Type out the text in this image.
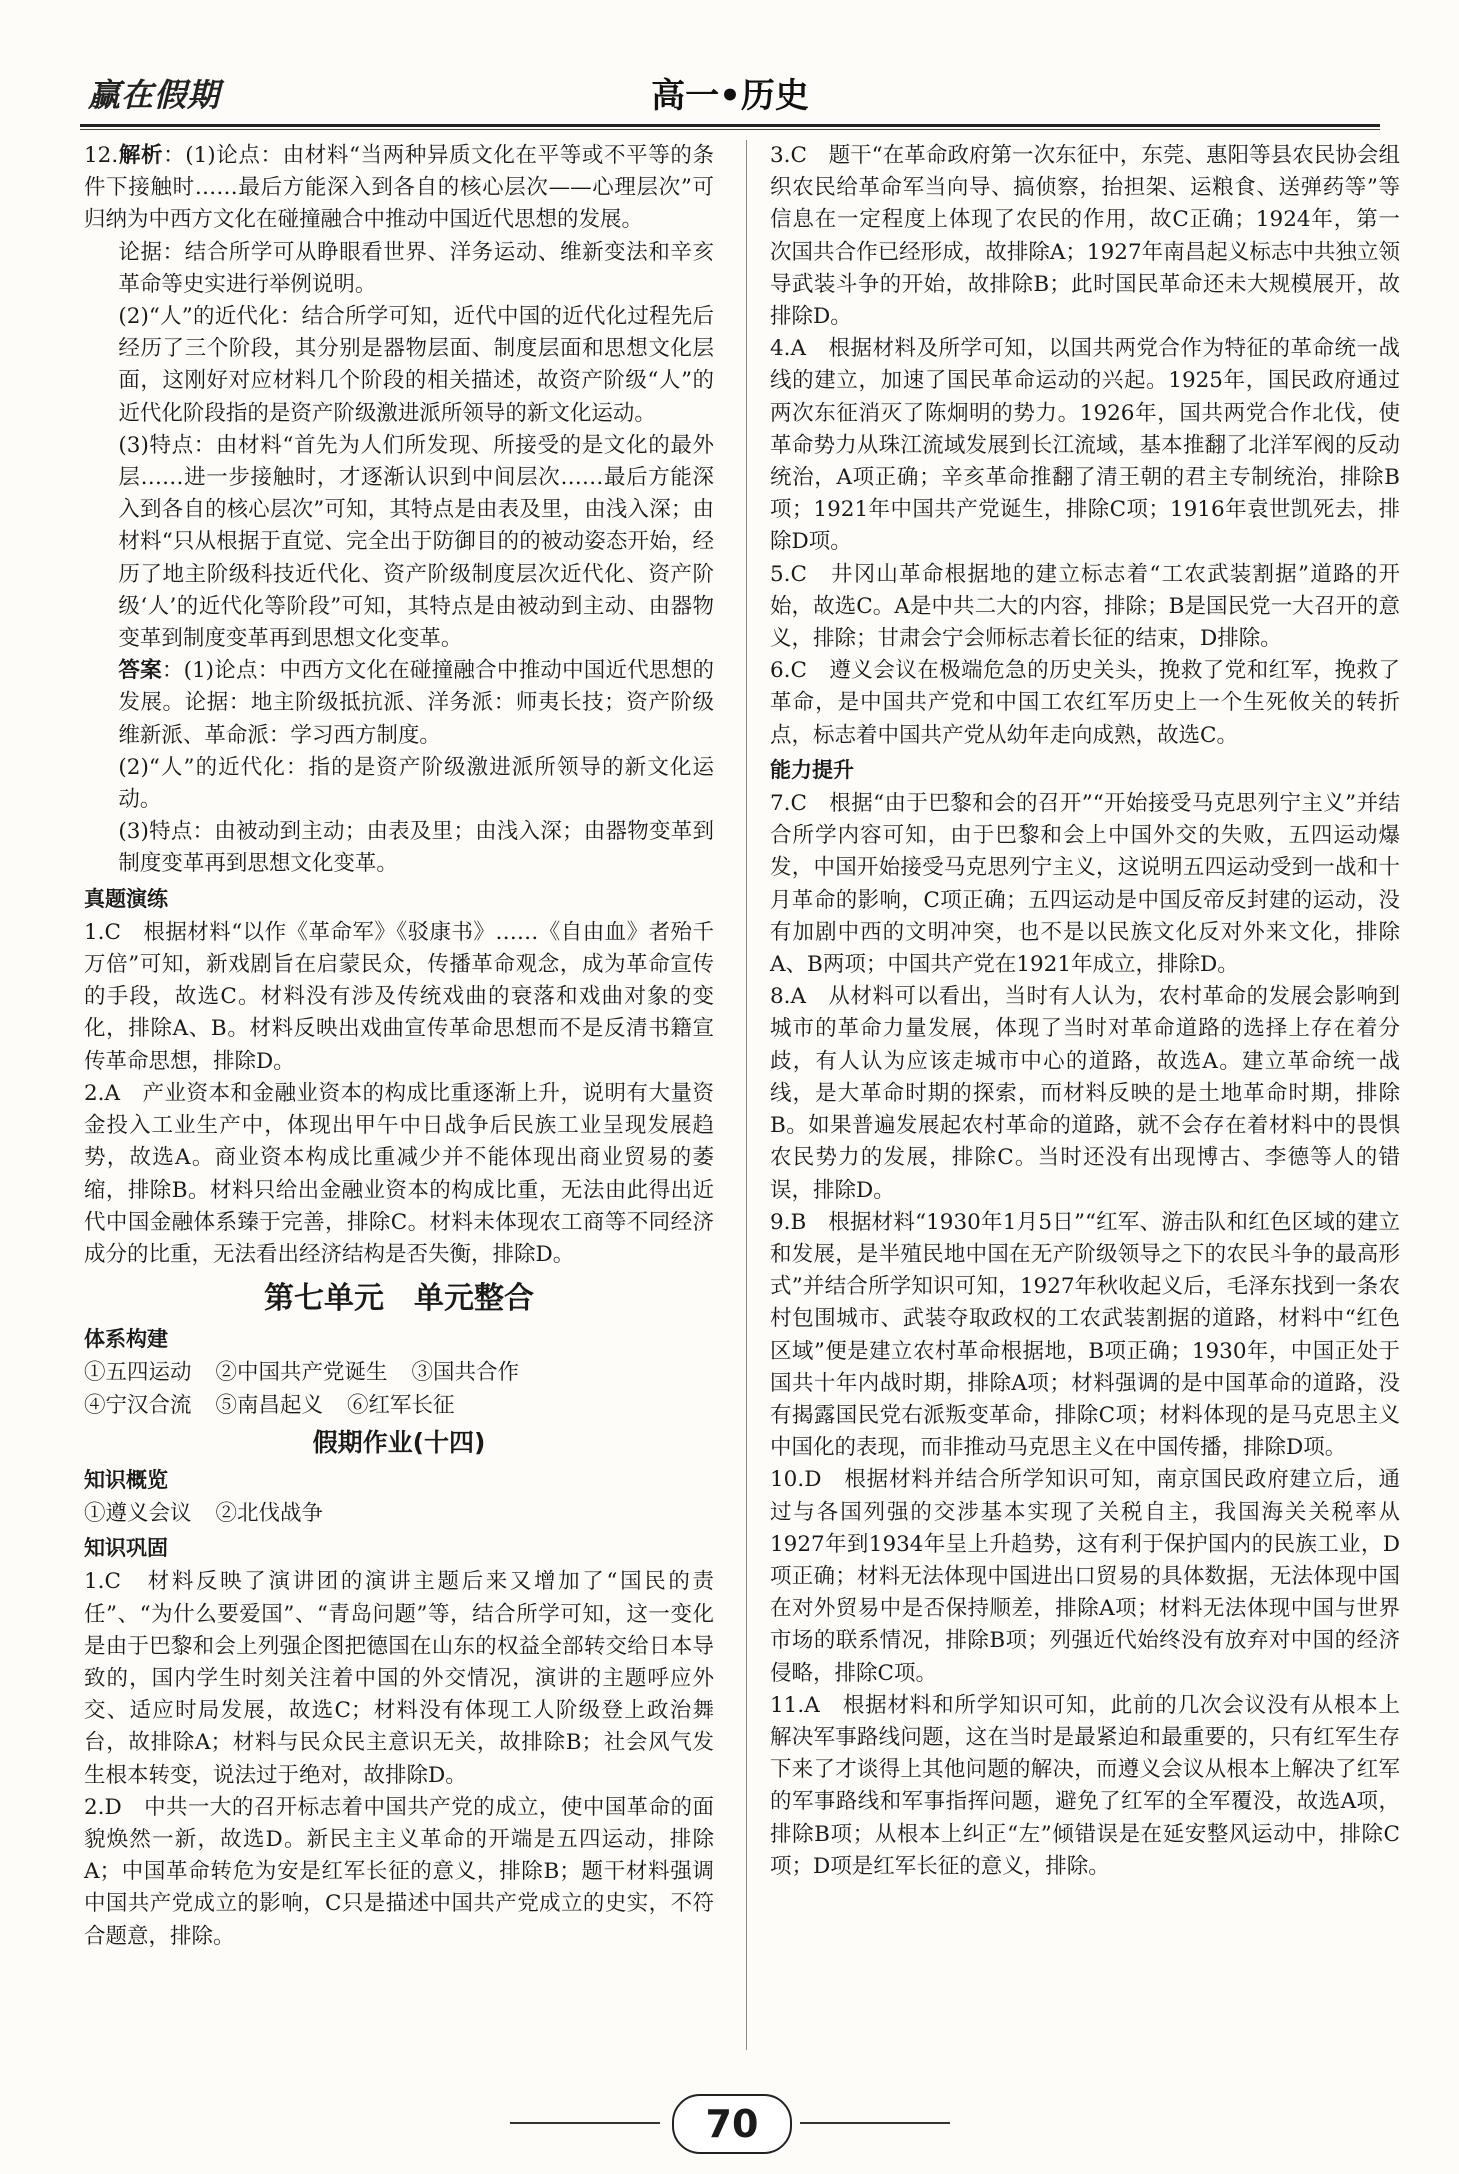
赢在假期	高一•历史

12.解析：(1)论点：由材料“当两种异质文化在平等或不平等的条件下接触时……最后方能深入到各自的核心层次——心理层次”可归纳为中西方文化在碰撞融合中推动中国近代思想的发展。

论据：结合所学可从睁眼看世界、洋务运动、维新变法和辛亥革命等史实进行举例说明。

(2)“人”的近代化：结合所学可知，近代中国的近代化过程先后经历了三个阶段，其分别是器物层面、制度层面和思想文化层面，这刚好对应材料几个阶段的相关描述，故资产阶级“人”的近代化阶段指的是资产阶级激进派所领导的新文化运动。

(3)特点：由材料“首先为人们所发现、所接受的是文化的最外层……进一步接触时，才逐渐认识到中间层次……最后方能深入到各自的核心层次”可知，其特点是由表及里，由浅入深；由材料“只从根据于直觉、完全出于防御目的的被动姿态开始，经历了地主阶级科技近代化、资产阶级制度层次近代化、资产阶级‘人’的近代化等阶段”可知，其特点是由被动到主动、由器物变革到制度变革再到思想文化变革。

答案：(1)论点：中西方文化在碰撞融合中推动中国近代思想的发展。论据：地主阶级抵抗派、洋务派：师夷长技；资产阶级维新派、革命派：学习西方制度。

(2)“人”的近代化：指的是资产阶级激进派所领导的新文化运动。

(3)特点：由被动到主动；由表及里；由浅入深；由器物变革到制度变革再到思想文化变革。

真题演练

1.C　根据材料“以作《革命军》《驳康书》……《自由血》者殆千万倍”可知，新戏剧旨在启蒙民众，传播革命观念，成为革命宣传的手段，故选C。材料没有涉及传统戏曲的衰落和戏曲对象的变化，排除A、B。材料反映出戏曲宣传革命思想而不是反清书籍宣传革命思想，排除D。

2.A　产业资本和金融业资本的构成比重逐渐上升，说明有大量资金投入工业生产中，体现出甲午中日战争后民族工业呈现发展趋势，故选A。商业资本构成比重减少并不能体现出商业贸易的萎缩，排除B。材料只给出金融业资本的构成比重，无法由此得出近代中国金融体系臻于完善，排除C。材料未体现农工商等不同经济成分的比重，无法看出经济结构是否失衡，排除D。

第七单元　单元整合
体系构建
①五四运动 ②中国共产党诞生 ③国共合作
④宁汉合流 ⑤南昌起义 ⑥红军长征
假期作业(十四)
知识概览
①遵义会议 ②北伐战争
知识巩固

1.C　材料反映了演讲团的演讲主题后来又增加了“国民的责任”、“为什么要爱国”、“青岛问题”等，结合所学可知，这一变化是由于巴黎和会上列强企图把德国在山东的权益全部转交给日本导致的，国内学生时刻关注着中国的外交情况，演讲的主题呼应外交、适应时局发展，故选C；材料没有体现工人阶级登上政治舞台，故排除A；材料与民众民主意识无关，故排除B；社会风气发生根本转变，说法过于绝对，故排除D。

2.D　中共一大的召开标志着中国共产党的成立，使中国革命的面貌焕然一新，故选D。新民主主义革命的开端是五四运动，排除A；中国革命转危为安是红军长征的意义，排除B；题干材料强调中国共产党成立的影响，C只是描述中国共产党成立的史实，不符合题意，排除。

3.C　题干“在革命政府第一次东征中，东莞、惠阳等县农民协会组织农民给革命军当向导、搞侦察，抬担架、运粮食、送弹药等”等信息在一定程度上体现了农民的作用，故C正确；1924年，第一次国共合作已经形成，故排除A；1927年南昌起义标志中共独立领导武装斗争的开始，故排除B；此时国民革命还未大规模展开，故排除D。

4.A　根据材料及所学可知，以国共两党合作为特征的革命统一战线的建立，加速了国民革命运动的兴起。1925年，国民政府通过两次东征消灭了陈炯明的势力。1926年，国共两党合作北伐，使革命势力从珠江流域发展到长江流域，基本推翻了北洋军阀的反动统治，A项正确；辛亥革命推翻了清王朝的君主专制统治，排除B项；1921年中国共产党诞生，排除C项；1916年袁世凯死去，排除D项。

5.C　井冈山革命根据地的建立标志着“工农武装割据”道路的开始，故选C。A是中共二大的内容，排除；B是国民党一大召开的意义，排除；甘肃会宁会师标志着长征的结束，D排除。

6.C　遵义会议在极端危急的历史关头，挽救了党和红军，挽救了革命，是中国共产党和中国工农红军历史上一个生死攸关的转折点，标志着中国共产党从幼年走向成熟，故选C。

能力提升

7.C　根据“由于巴黎和会的召开”“开始接受马克思列宁主义”并结合所学内容可知，由于巴黎和会上中国外交的失败，五四运动爆发，中国开始接受马克思列宁主义，这说明五四运动受到一战和十月革命的影响，C项正确；五四运动是中国反帝反封建的运动，没有加剧中西的文明冲突，也不是以民族文化反对外来文化，排除A、B两项；中国共产党在1921年成立，排除D。

8.A　从材料可以看出，当时有人认为，农村革命的发展会影响到城市的革命力量发展，体现了当时对革命道路的选择上存在着分歧，有人认为应该走城市中心的道路，故选A。建立革命统一战线，是大革命时期的探索，而材料反映的是土地革命时期，排除B。如果普遍发展起农村革命的道路，就不会存在着材料中的畏惧农民势力的发展，排除C。当时还没有出现博古、李德等人的错误，排除D。

9.B　根据材料“1930年1月5日”“红军、游击队和红色区域的建立和发展，是半殖民地中国在无产阶级领导之下的农民斗争的最高形式”并结合所学知识可知，1927年秋收起义后，毛泽东找到一条农村包围城市、武装夺取政权的工农武装割据的道路，材料中“红色区域”便是建立农村革命根据地，B项正确；1930年，中国正处于国共十年内战时期，排除A项；材料强调的是中国革命的道路，没有揭露国民党右派叛变革命，排除C项；材料体现的是马克思主义中国化的表现，而非推动马克思主义在中国传播，排除D项。

10.D　根据材料并结合所学知识可知，南京国民政府建立后，通过与各国列强的交涉基本实现了关税自主，我国海关关税率从1927年到1934年呈上升趋势，这有利于保护国内的民族工业，D项正确；材料无法体现中国进出口贸易的具体数据，无法体现中国在对外贸易中是否保持顺差，排除A项；材料无法体现中国与世界市场的联系情况，排除B项；列强近代始终没有放弃对中国的经济侵略，排除C项。

11.A　根据材料和所学知识可知，此前的几次会议没有从根本上解决军事路线问题，这在当时是最紧迫和最重要的，只有红军生存下来了才谈得上其他问题的解决，而遵义会议从根本上解决了红军的军事路线和军事指挥问题，避免了红军的全军覆没，故选A项，排除B项；从根本上纠正“左”倾错误是在延安整风运动中，排除C项；D项是红军长征的意义，排除。

70
